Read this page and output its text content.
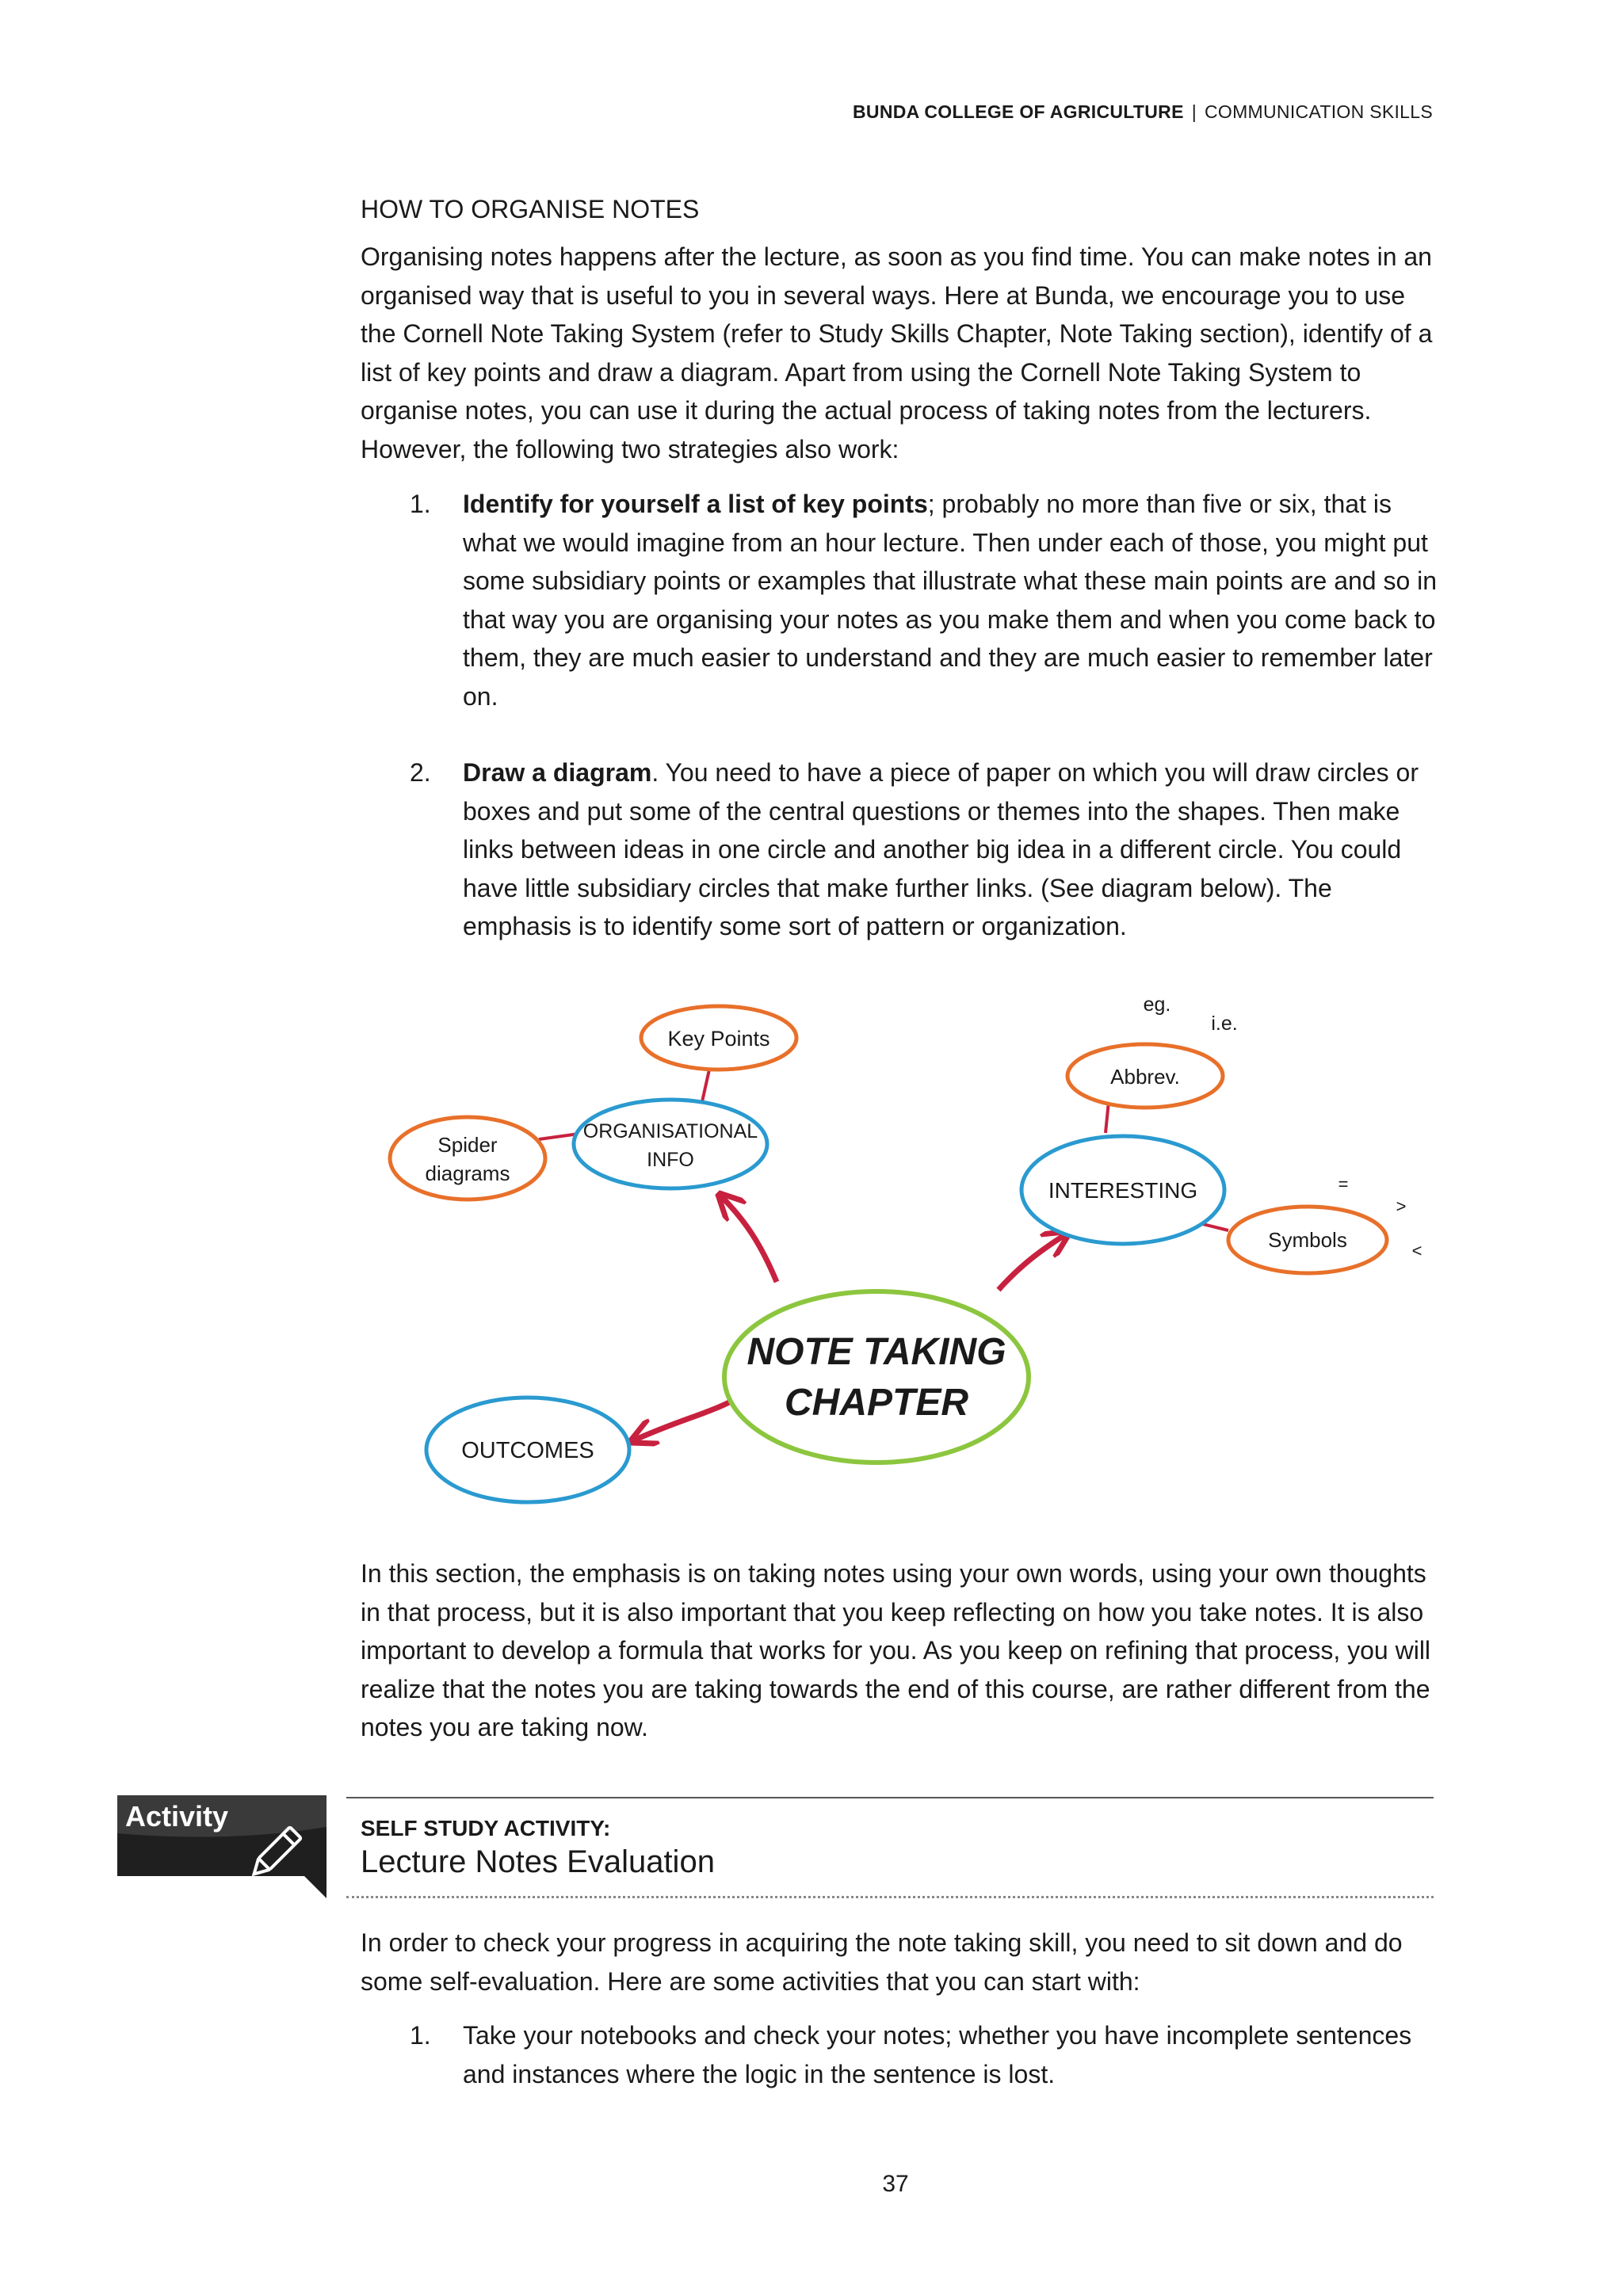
BUNDA COLLEGE OF AGRICULTURE | COMMUNICATION SKILLS
HOW TO ORGANISE NOTES

Organising notes happens after the lecture, as soon as you find time. You can make notes in an organised way that is useful to you in several ways. Here at Bunda, we encourage you to use the Cornell Note Taking System (refer to Study Skills Chapter, Note Taking section), identify of a list of key points and draw a diagram. Apart from using the Cornell Note Taking System to organise notes, you can use it during the actual process of taking notes from the lecturers. However, the following two strategies also work:

1. Identify for yourself a list of key points; probably no more than five or six, that is what we would imagine from an hour lecture. Then under each of those, you might put some subsidiary points or examples that illustrate what these main points are and so in that way you are organising your notes as you make them and when you come back to them, they are much easier to understand and they are much easier to remember later on.
2. Draw a diagram. You need to have a piece of paper on which you will draw circles or boxes and put some of the central questions or themes into the shapes. Then make links between ideas in one circle and another big idea in a different circle. You could have little subsidiary circles that make further links. (See diagram below). The emphasis is to identify some sort of pattern or organization.
Key Points
ORGANISATIONAL
INFO
Spider
diagrams
eg.
i.e.
Abbrev.
INTERESTING	=
>
<
Symbols
NOTE TAKING
CHAPTER
OUTCOMES

In this section, the emphasis is on taking notes using your own words, using your own thoughts in that process, but it is also important that you keep reflecting on how you take notes. It is also important to develop a formula that works for you. As you keep on refining that process, you will realize that the notes you are taking towards the end of this course, are rather different from the notes you are taking now.

Activity	SELF STUDY ACTIVITY:
Lecture Notes Evaluation

In order to check your progress in acquiring the note taking skill, you need to sit down and do some self-evaluation. Here are some activities that you can start with:

1. Take your notebooks and check your notes; whether you have incomplete sentences and instances where the logic in the sentence is lost.
37
